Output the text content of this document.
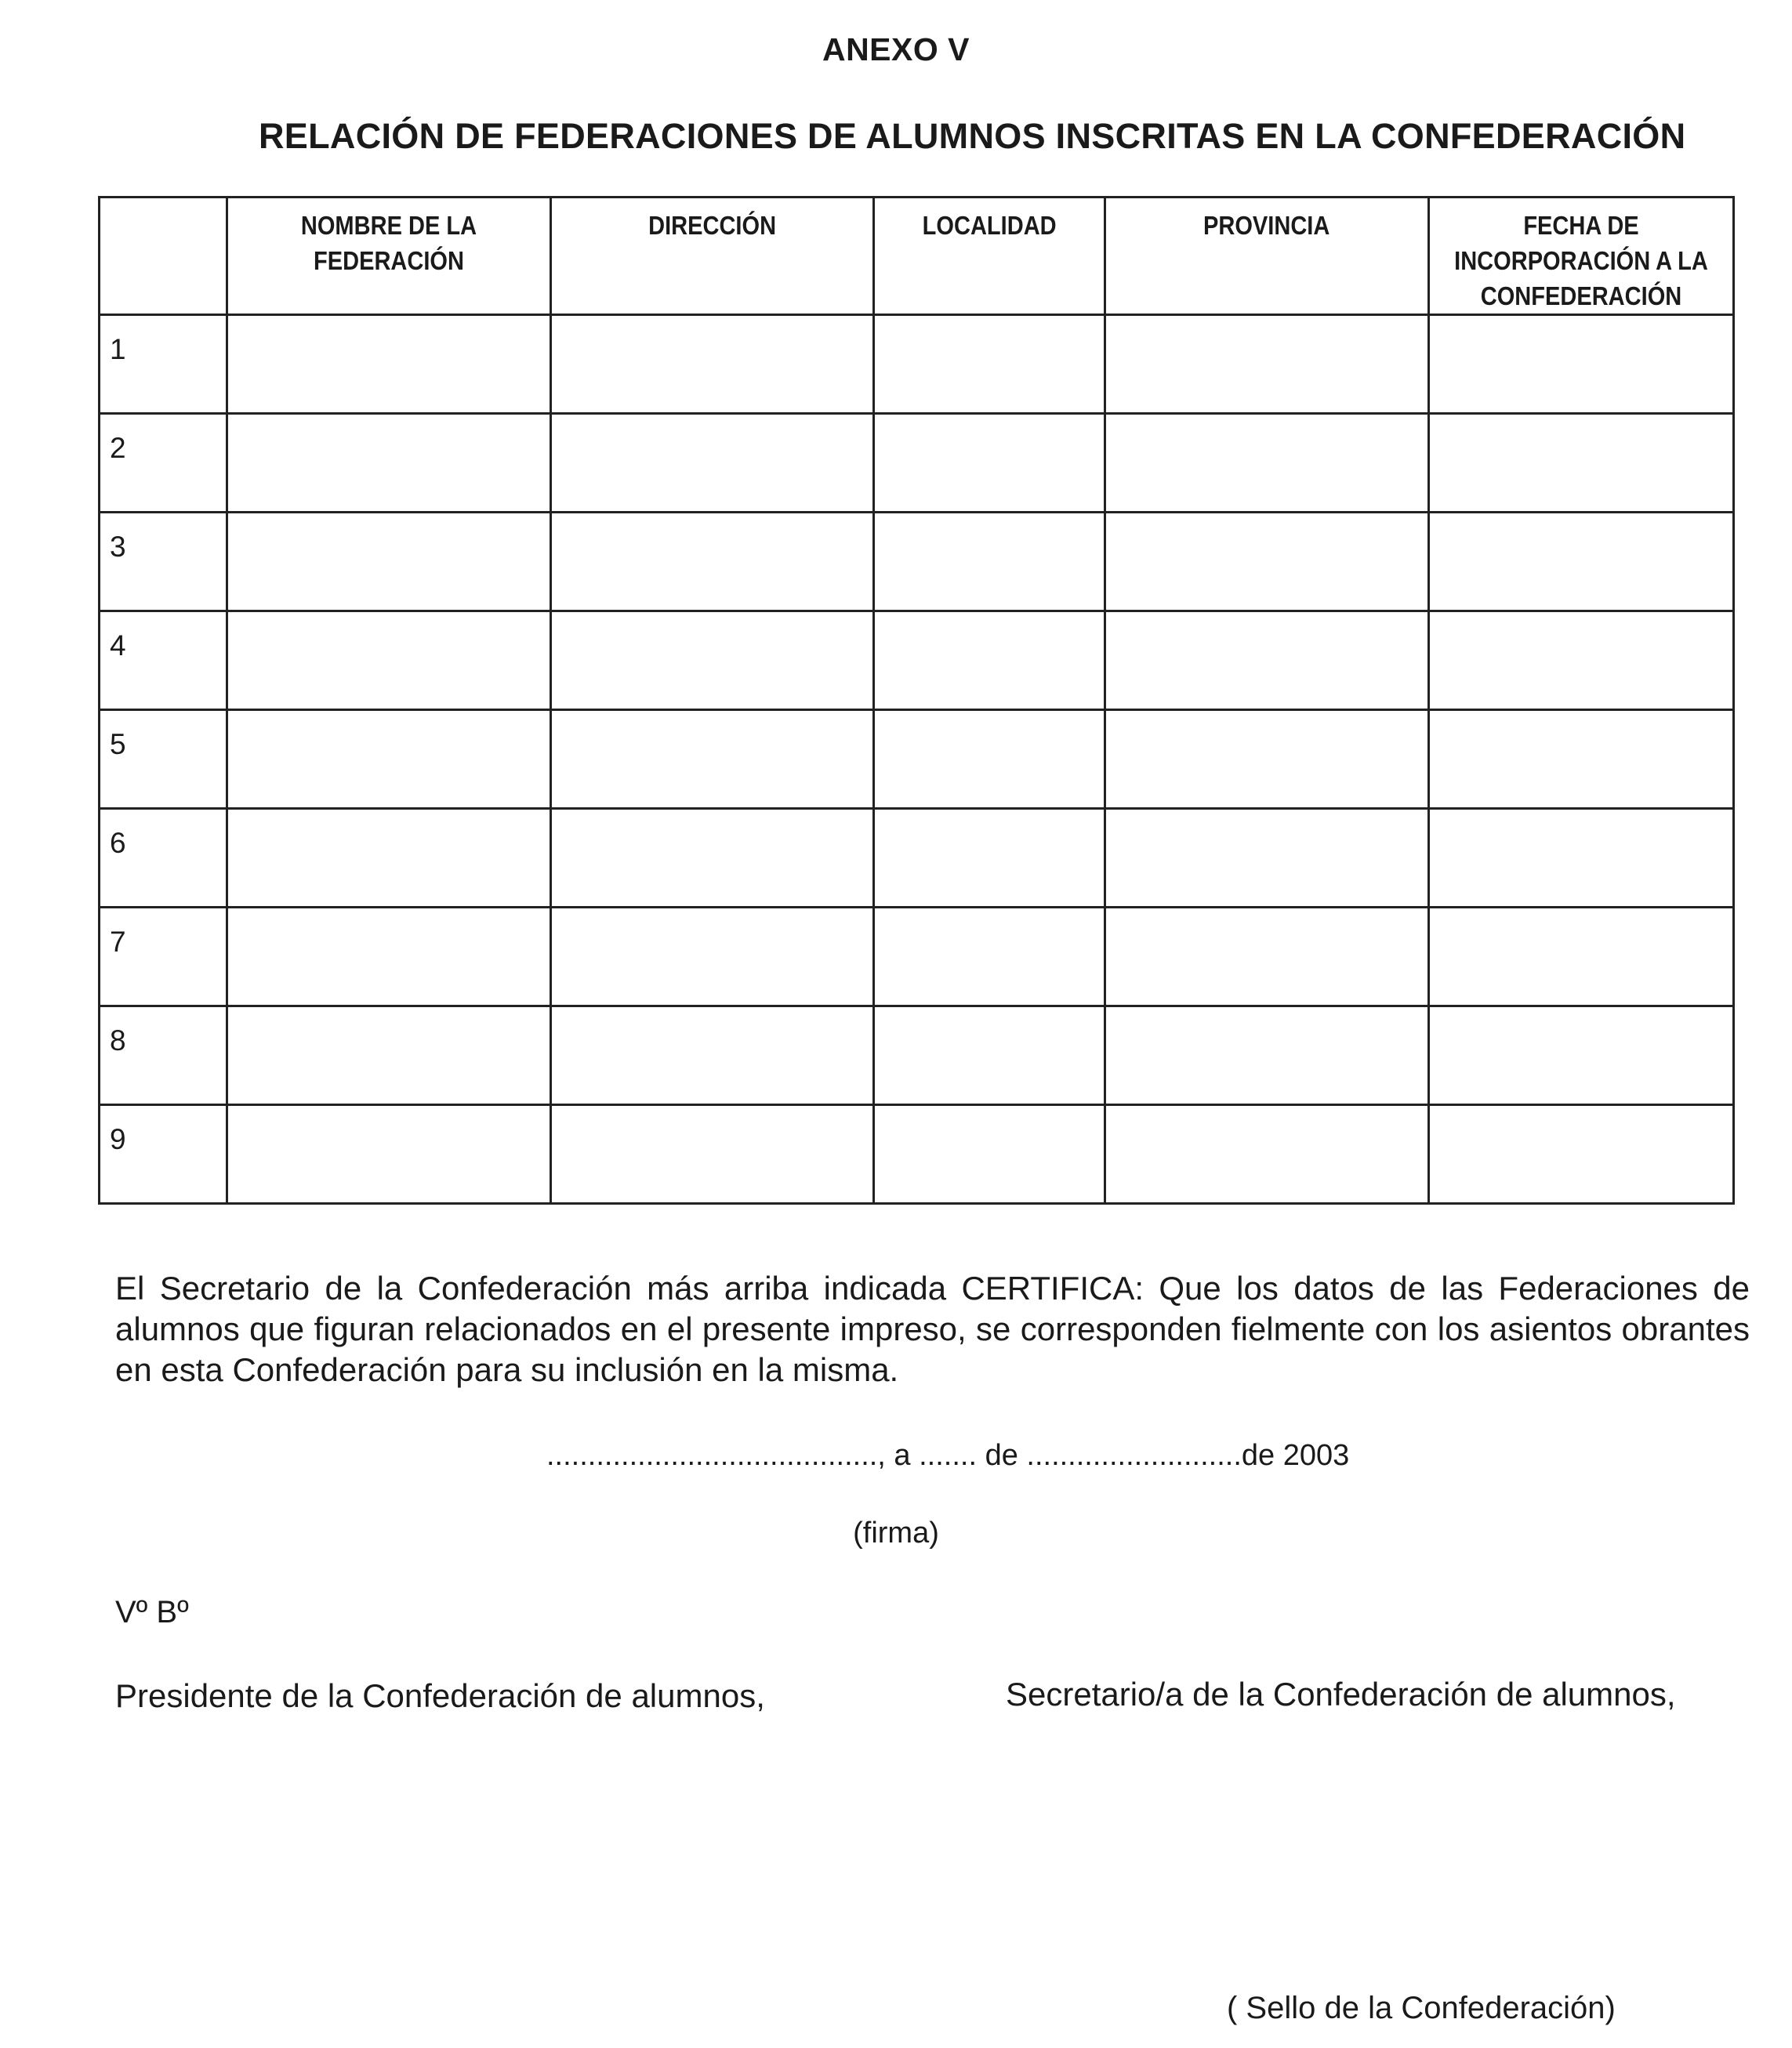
ANEXO V
RELACIÓN DE FEDERACIONES DE ALUMNOS INSCRITAS EN LA CONFEDERACIÓN
	NOMBRE DE LA FEDERACIÓN	DIRECCIÓN	LOCALIDAD	PROVINCIA	FECHA DE INCORPORACIÓN A LA CONFEDERACIÓN
1					
2					
3					
4					
5					
6					
7					
8					
9					
El Secretario de la Confederación más arriba indicada CERTIFICA: Que los datos de las Federaciones de alumnos que figuran relacionados en el presente impreso, se corresponden fielmente con los asientos obrantes en esta Confederación para su inclusión en la misma.
........................................, a ....... de ..........................de 2003
(firma)
Vº Bº
Presidente de la Confederación de alumnos,	Secretario/a de la Confederación de alumnos,
( Sello de la Confederación)
